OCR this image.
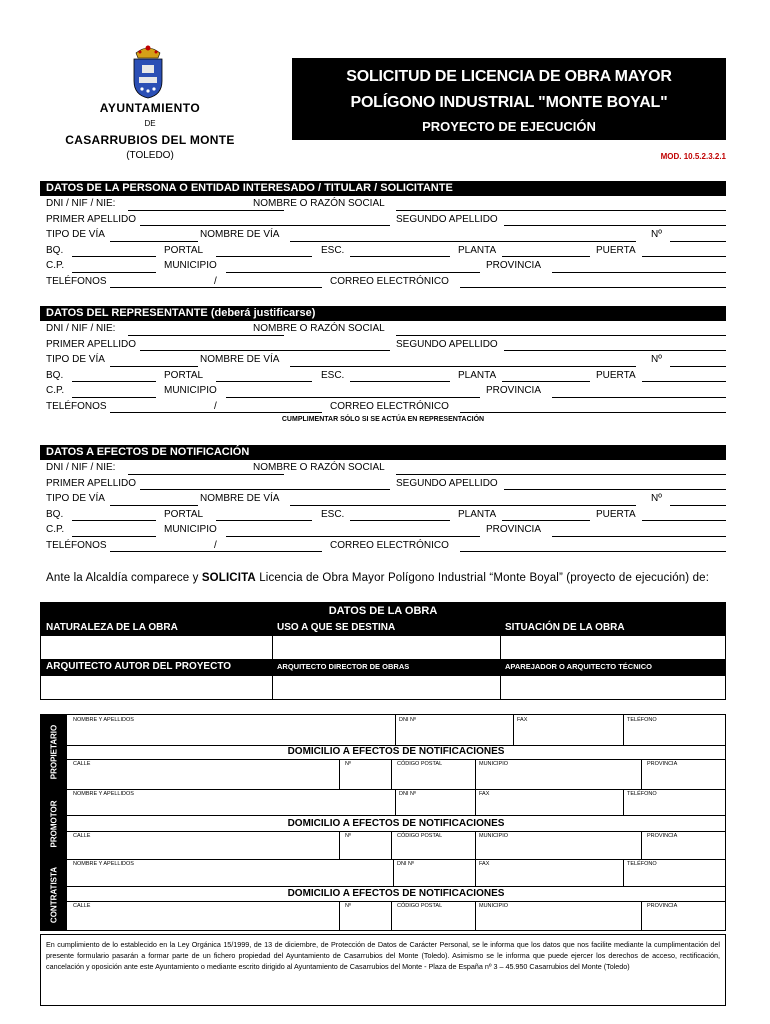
AYUNTAMIENTO
DE
CASARRUBIOS DEL MONTE
(TOLEDO)
SOLICITUD DE LICENCIA DE OBRA MAYOR
POLÍGONO INDUSTRIAL "MONTE BOYAL"
PROYECTO DE EJECUCIÓN
MOD. 10.5.2.3.2.1
DATOS DE LA PERSONA O ENTIDAD INTERESADO / TITULAR / SOLICITANTE
DNI / NIF / NIE:	NOMBRE O RAZÓN SOCIAL
PRIMER APELLIDO	SEGUNDO APELLIDO
TIPO DE VÍA	NOMBRE DE VÍA	Nº
BQ.	PORTAL	ESC.	PLANTA	PUERTA
C.P.	MUNICIPIO	PROVINCIA
TELÉFONOS	/	CORREO ELECTRÓNICO
DATOS DEL REPRESENTANTE (deberá justificarse)
DNI / NIF / NIE:	NOMBRE O RAZÓN SOCIAL
PRIMER APELLIDO	SEGUNDO APELLIDO
TIPO DE VÍA	NOMBRE DE VÍA	Nº
BQ.	PORTAL	ESC.	PLANTA	PUERTA
C.P.	MUNICIPIO	PROVINCIA
TELÉFONOS	/	CORREO ELECTRÓNICO
CUMPLIMENTAR SÓLO SI SE ACTÚA EN REPRESENTACIÓN
DATOS A EFECTOS DE NOTIFICACIÓN
DNI / NIF / NIE:	NOMBRE O RAZÓN SOCIAL
PRIMER APELLIDO	SEGUNDO APELLIDO
TIPO DE VÍA	NOMBRE DE VÍA	Nº
BQ.	PORTAL	ESC.	PLANTA	PUERTA
C.P.	MUNICIPIO	PROVINCIA
TELÉFONOS	/	CORREO ELECTRÓNICO
Ante la Alcaldía comparece y SOLICITA Licencia de Obra Mayor Polígono Industrial “Monte Boyal” (proyecto de ejecución) de:
DATOS DE LA OBRA
NATURALEZA DE LA OBRA	USO A QUE SE DESTINA	SITUACIÓN DE LA OBRA
ARQUITECTO AUTOR DEL PROYECTO	ARQUITECTO DIRECTOR DE OBRAS	APAREJADOR O ARQUITECTO TÉCNICO
PROPIETARIO
PROMOTOR
CONTRATISTA
NOMBRE Y APELLIDOS	DNI Nº	FAX	TELÉFONO
DOMICILIO A EFECTOS DE NOTIFICACIONES
CALLE	Nº	CÓDIGO POSTAL	MUNICIPIO	PROVINCIA
NOMBRE Y APELLIDOS	DNI Nº	FAX	TELÉFONO
DOMICILIO A EFECTOS DE NOTIFICACIONES
CALLE	Nº	CÓDIGO POSTAL	MUNICIPIO	PROVINCIA
NOMBRE Y APELLIDOS	DNI Nº	FAX	TELÉFONO
DOMICILIO A EFECTOS DE NOTIFICACIONES
CALLE	Nº	CÓDIGO POSTAL	MUNICIPIO	PROVINCIA
En cumplimiento de lo establecido en la Ley Orgánica 15/1999, de 13 de diciembre, de Protección de Datos de Carácter Personal, se le informa que los datos que nos facilite mediante la cumplimentación del presente formulario pasarán a formar parte de un fichero propiedad del Ayuntamiento de Casarrubios del Monte (Toledo). Asimismo se le informa que puede ejercer los derechos de acceso, rectificación, cancelación y oposición ante este Ayuntamiento o mediante escrito dirigido al Ayuntamiento de Casarrubios del Monte - Plaza de España nº 3 – 45.950 Casarrubios del Monte (Toledo)
